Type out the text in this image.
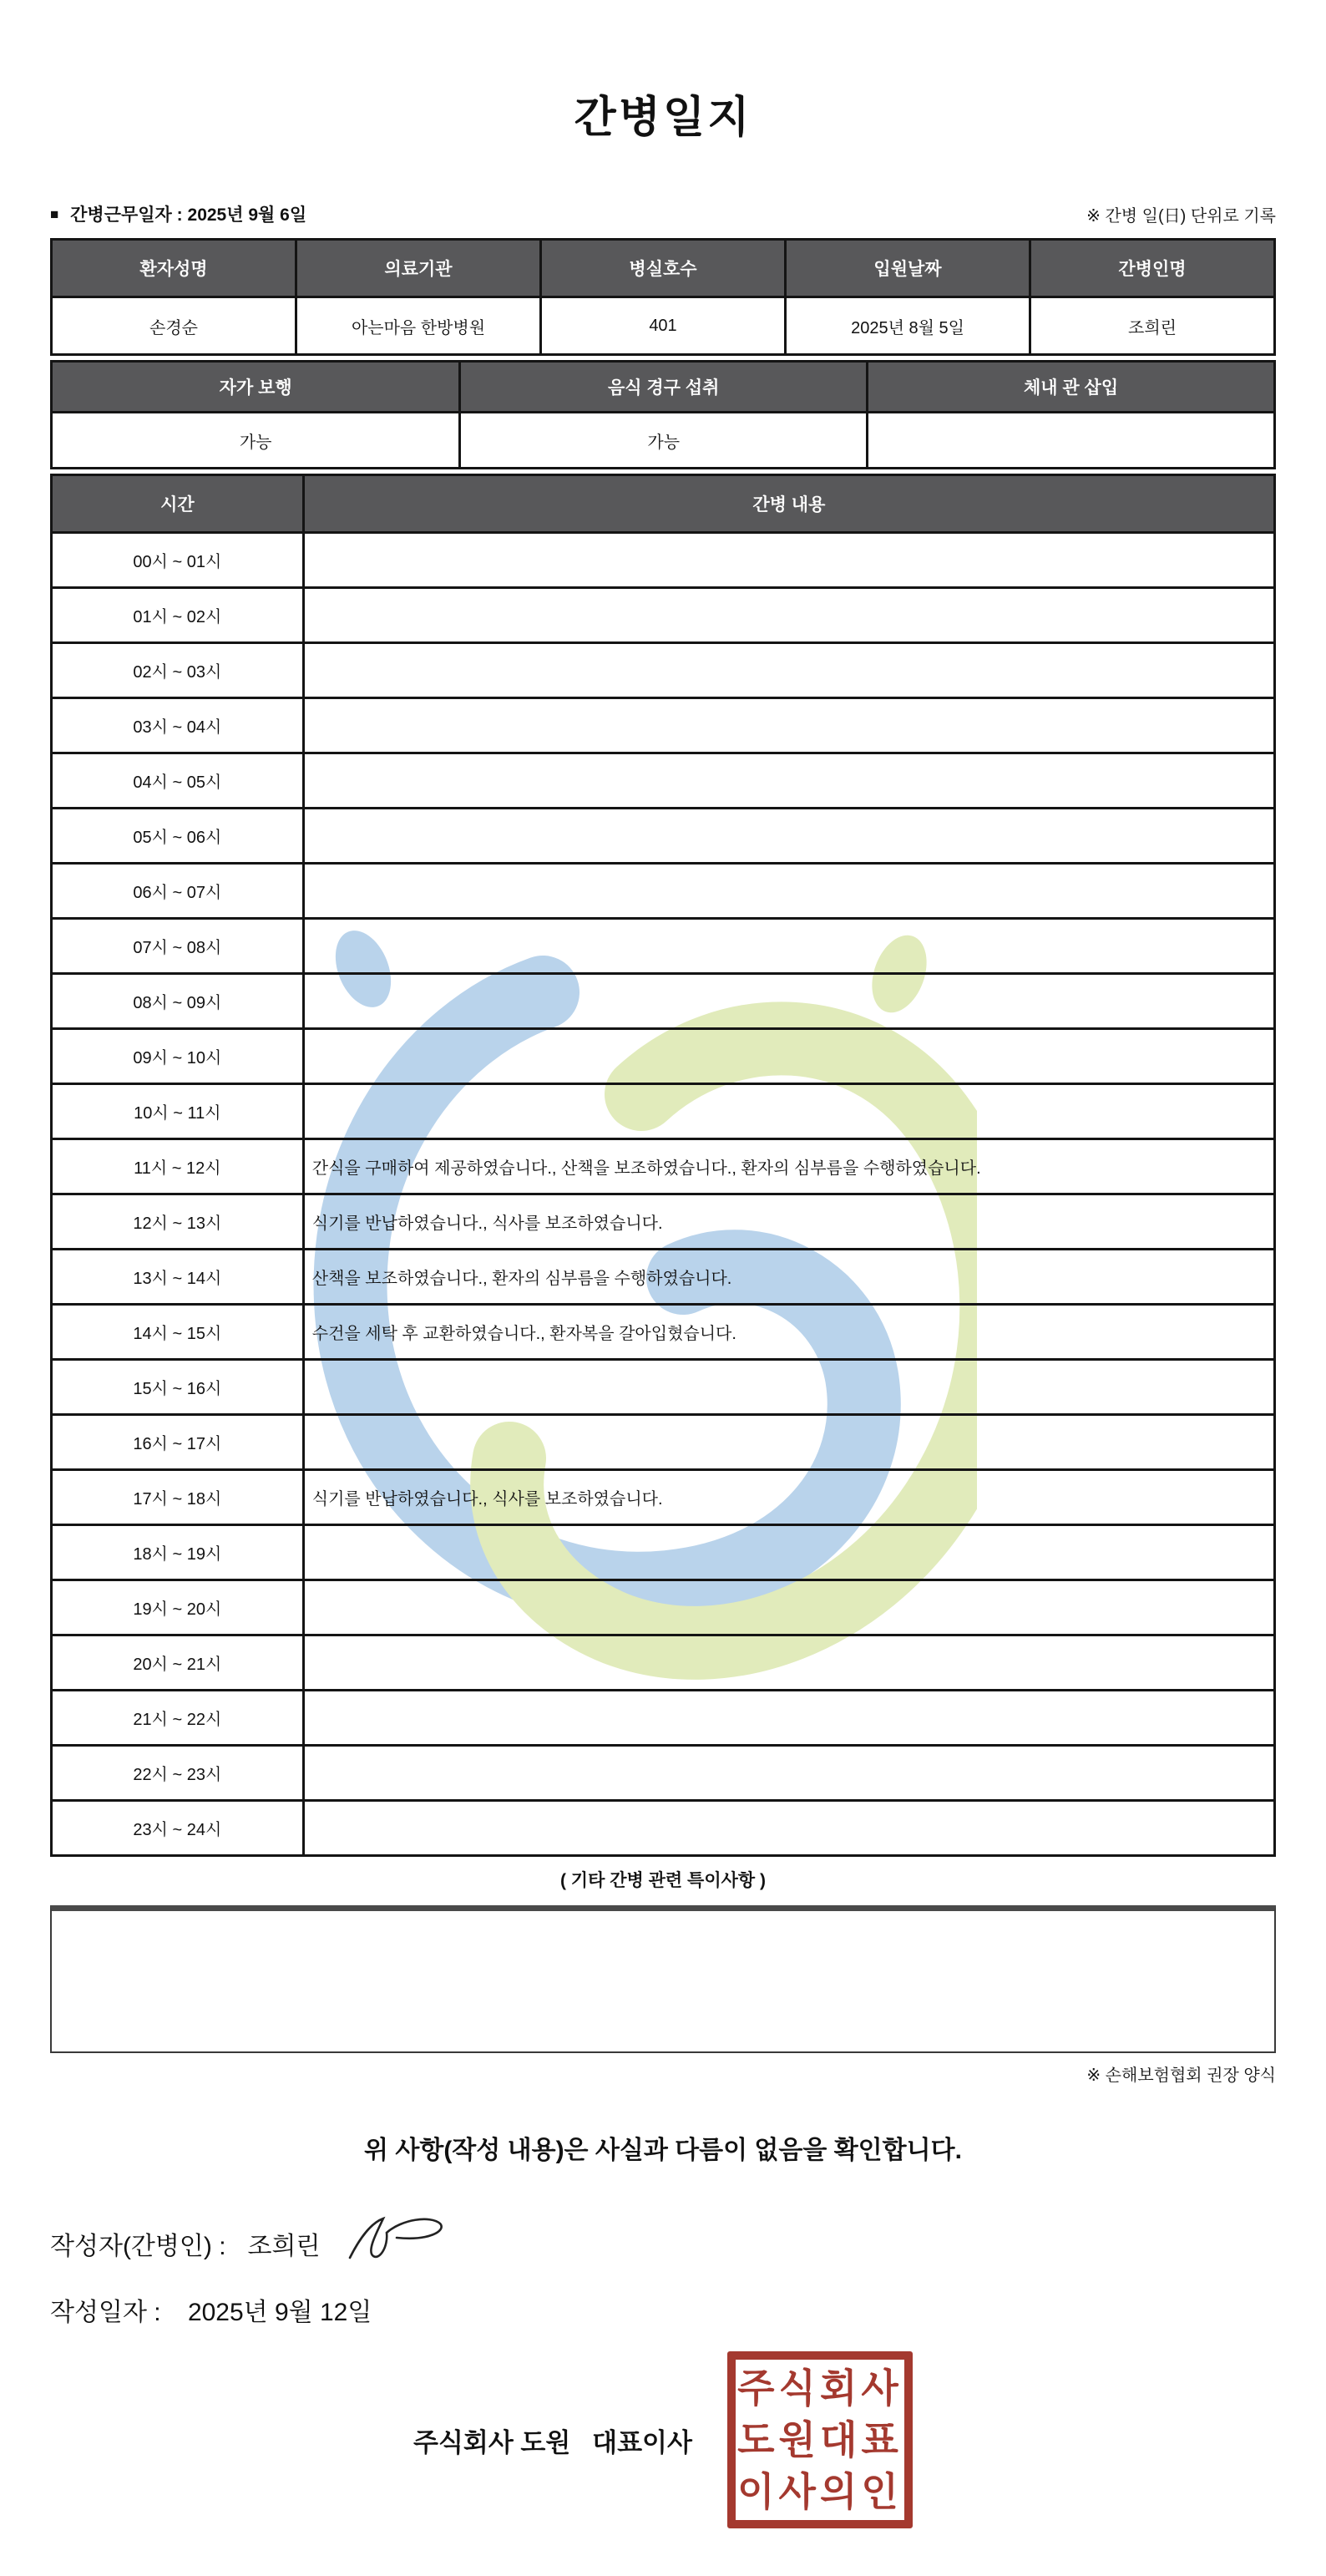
간병일지
■ 간병근무일자 : 2025년 9월 6일	※ 간병 일(日) 단위로 기록
환자성명	의료기관	병실호수	입원날짜	간병인명
손경순	아는마음 한방병원	401	2025년 8월 5일	조희린
자가 보행	음식 경구 섭취	체내 관 삽입
가능	가능	
시간	간병 내용
00시 ~ 01시	
01시 ~ 02시	
02시 ~ 03시	
03시 ~ 04시	
04시 ~ 05시	
05시 ~ 06시	
06시 ~ 07시	
07시 ~ 08시	
08시 ~ 09시	
09시 ~ 10시	
10시 ~ 11시	
11시 ~ 12시	간식을 구매하여 제공하였습니다., 산책을 보조하였습니다., 환자의 심부름을 수행하였습니다.
12시 ~ 13시	식기를 반납하였습니다., 식사를 보조하였습니다.
13시 ~ 14시	산책을 보조하였습니다., 환자의 심부름을 수행하였습니다.
14시 ~ 15시	수건을 세탁 후 교환하였습니다., 환자복을 갈아입혔습니다.
15시 ~ 16시	
16시 ~ 17시	
17시 ~ 18시	식기를 반납하였습니다., 식사를 보조하였습니다.
18시 ~ 19시	
19시 ~ 20시	
20시 ~ 21시	
21시 ~ 22시	
22시 ~ 23시	
23시 ~ 24시	
( 기타 간병 관련 특이사항 )
※ 손해보험협회 권장 양식
위 사항(작성 내용)은 사실과 다름이 없음을 확인합니다.
작성자(간병인) : 조희린
작성일자 : 2025년 9월 12일
주식회사 도원   대표이사
주식회사
도원대표
이사의인
